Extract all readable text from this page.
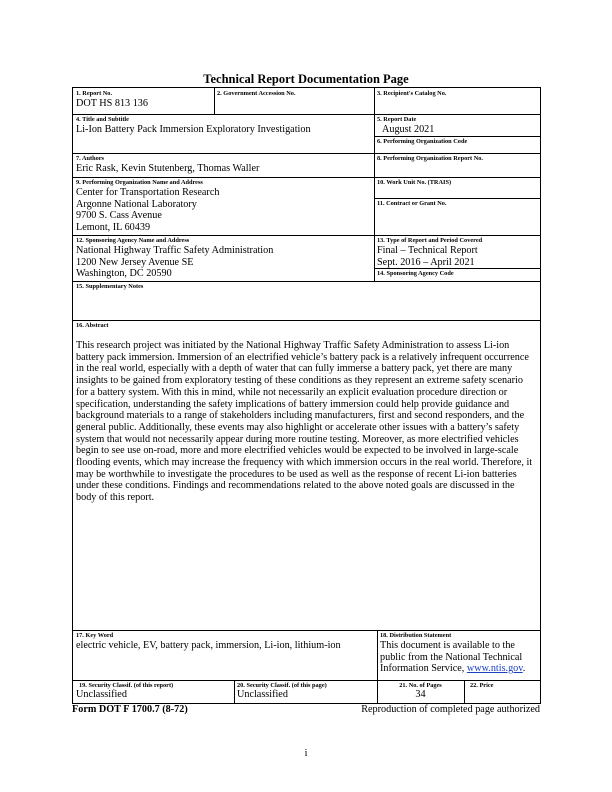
Technical Report Documentation Page
1. Report No.
DOT HS 813 136
2. Government Accession No.	3. Recipient's Catalog No.
4. Title and Subtitle
Li-Ion Battery Pack Immersion Exploratory Investigation
5. Report Date
August 2021
6. Performing Organization Code
7. Authors
Eric Rask, Kevin Stutenberg, Thomas Waller
8. Performing Organization Report No.
9. Performing Organization Name and Address
Center for Transportation Research
Argonne National Laboratory
9700 S. Cass Avenue
Lemont, IL 60439
10. Work Unit No. (TRAIS)
11. Contract or Grant No.
12. Sponsoring Agency Name and Address
National Highway Traffic Safety Administration
1200 New Jersey Avenue SE
Washington, DC 20590
13. Type of Report and Period Covered
Final – Technical Report
Sept. 2016 – April 2021
14. Sponsoring Agency Code
15. Supplementary Notes
16. Abstract
This research project was initiated by the National Highway Traffic Safety Administration to assess Li-ion battery pack immersion. Immersion of an electrified vehicle’s battery pack is a relatively infrequent occurrence in the real world, especially with a depth of water that can fully immerse a battery pack, yet there are many insights to be gained from exploratory testing of these conditions as they represent an extreme safety scenario for a battery system. With this in mind, while not necessarily an explicit evaluation procedure direction or specification, understanding the safety implications of battery immersion could help provide guidance and background materials to a range of stakeholders including manufacturers, first and second responders, and the general public. Additionally, these events may also highlight or accelerate other issues with a battery’s safety system that would not necessarily appear during more routine testing. Moreover, as more electrified vehicles begin to see use on-road, more and more electrified vehicles would be expected to be involved in large-scale flooding events, which may increase the frequency with which immersion occurs in the real world. Therefore, it may be worthwhile to investigate the procedures to be used as well as the response of recent Li-ion batteries under these conditions. Findings and recommendations related to the above noted goals are discussed in the body of this report.
17. Key Word
electric vehicle, EV, battery pack, immersion, Li-ion, lithium-ion
18. Distribution Statement
This document is available to the public from the National Technical Information Service, www.ntis.gov.
19. Security Classif. (of this report)
Unclassified
20. Security Classif. (of this page)
Unclassified
21. No. of Pages
34
22. Price
Form DOT F 1700.7 (8-72)	Reproduction of completed page authorized
i
